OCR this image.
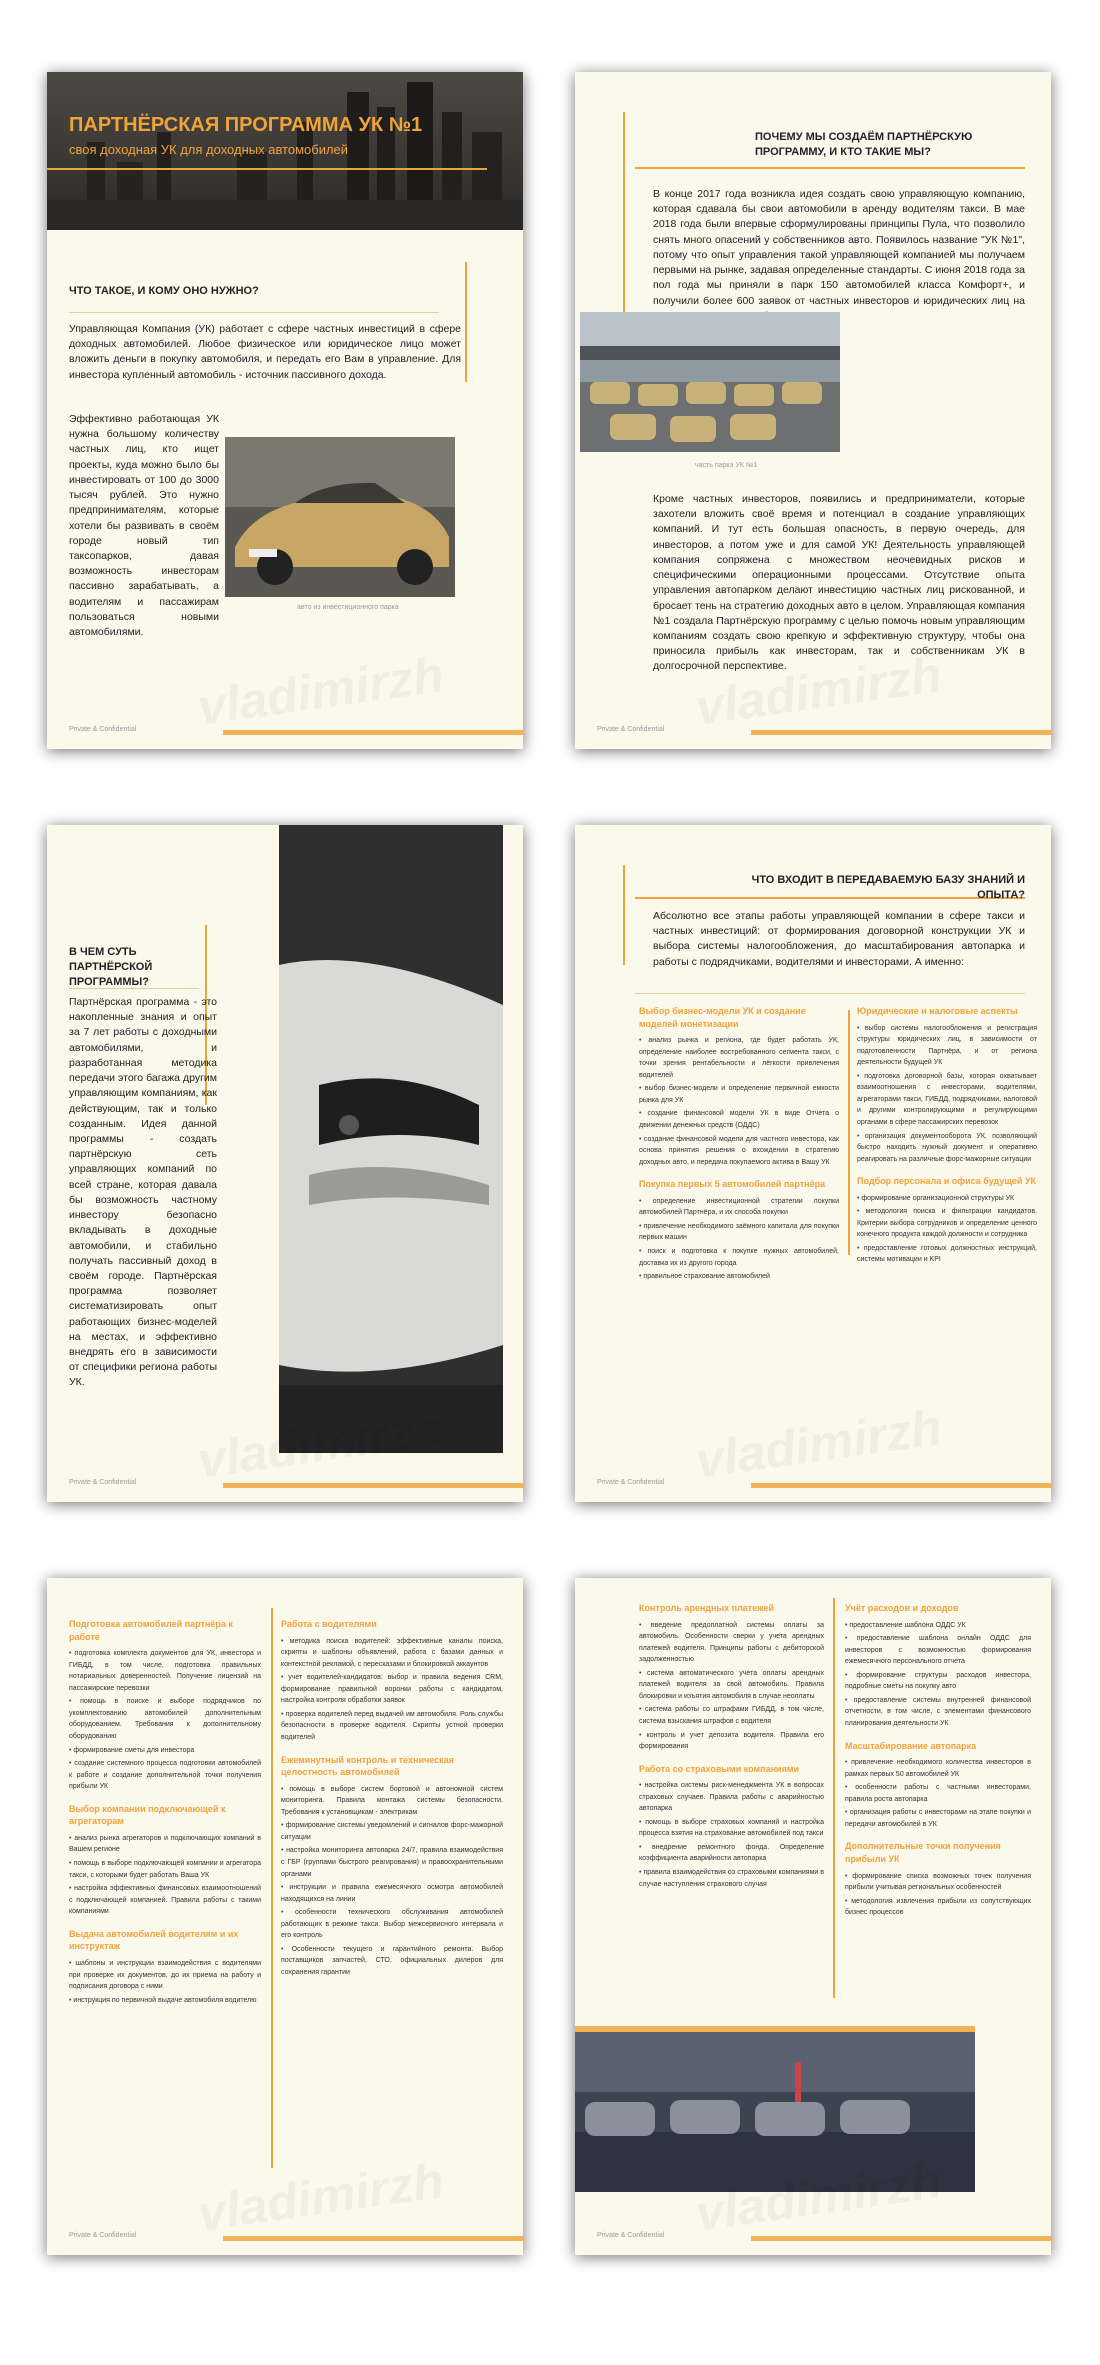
ПАРТНЁРСКАЯ ПРОГРАММА УК №1
своя доходная УК для доходных автомобилей
ЧТО ТАКОЕ, И КОМУ ОНО НУЖНО?
Управляющая Компания (УК) работает с сфере частных инвестиций в сфере доходных автомобилей. Любое физическое или юридическое лицо может вложить деньги в покупку автомобиля, и передать его Вам в управление. Для инвестора купленный автомобиль - источник пассивного дохода.
Эффективно работающая УК нужна большому количеству частных лиц, кто ищет проекты, куда можно было бы инвестировать от 100 до 3000 тысяч рублей. Это нужно предпринимателям, которые хотели бы развивать в своём городе новый тип таксопарков, давая возможность инвесторам пассивно зарабатывать, а водителям и пассажирам пользоваться новыми автомобилями.
авто из инвестиционного парка
Private & Confidential
ПОЧЕМУ МЫ СОЗДАЁМ ПАРТНЁРСКУЮ ПРОГРАММУ, И КТО ТАКИЕ МЫ?
В конце 2017 года возникла идея создать свою управляющую компанию, которая сдавала бы свои автомобили в аренду водителям такси. В мае 2018 года были впервые сформулированы принципы Пула, что позволило снять много опасений у собственников авто. Появилось название "УК №1", потому что опыт управления такой управляющей компанией мы получаем первыми на рынке, задавая определенные стандарты. С июня 2018 года за пол года мы приняли в парк 150 автомобилей класса Комфорт+, и получили более 600 заявок от частных инвесторов и юридических лиц на
часть парка УК №1
Кроме частных инвесторов, появились и предприниматели, которые захотели вложить своё время и потенциал в создание управляющих компаний. И тут есть большая опасность, в первую очередь, для инвесторов, а потом уже и для самой УК! Деятельность управляющей компания сопряжена с множеством неочевидных рисков и специфическими операционными процессами. Отсутствие опыта управления автопарком делают инвестицию частных лиц рискованной, и бросает тень на стратегию доходных авто в целом. Управляющая компания №1 создала Партнёрскую программу с целью помочь новым управляющим компаниям создать свою крепкую и эффективную структуру, чтобы она приносила прибыль как инвесторам, так и собственникам УК в долгосрочной перспективе.
Private & Confidential
В ЧЕМ СУТЬ ПАРТНЁРСКОЙ ПРОГРАММЫ?
Партнёрская программа - это накопленные знания и опыт за 7 лет работы с доходными автомобилями, и разработанная методика передачи этого багажа другим управляющим компаниям, как действующим, так и только созданным. Идея данной программы - создать партнёрскую сеть управляющих компаний по всей стране, которая давала бы возможность частному инвестору безопасно вкладывать в доходные автомобили, и стабильно получать пассивный доход в своём городе. Партнёрская программа позволяет систематизировать опыт работающих бизнес-моделей на местах, и эффективно внедрять его в зависимости от специфики региона работы УК.
Private & Confidential
ЧТО ВХОДИТ В ПЕРЕДАВАЕМУЮ БАЗУ ЗНАНИЙ И ОПЫТА?
Абсолютно все этапы работы управляющей компании в сфере такси и частных инвестиций: от формирования договорной конструкции УК и выбора системы налогообложения, до масштабирования автопарка и работы с подрядчиками, водителями и инвесторами. А именно:
Выбор бизнес-модели УК и создание моделей монетизации
• анализ рынка и региона, где будет работать УК, определение наиболее востребованного сегмента такси, с точки зрения рентабельности и лёгкости привлечения водителей
• выбор бизнес-модели и определение первичной емкости рынка для УК
• создание финансовой модели УК в виде Отчета о движении денежных средств (ОДДС)
• создание финансовой модели для частного инвестора, как основа принятия решения о вхождении в стратегию доходных авто, и передача покупаемого актива в Вашу УК
Покупка первых 5 автомобилей партнёра
• определение инвестиционной стратегии покупки автомобилей Партнёра, и их способа покупки
• привлечение необходимого заёмного капитала для покупки первых машин
• поиск и подготовка к покупке нужных автомобилей, доставка их из другого города
• правильное страхование автомобилей
Юридические и налоговые аспекты
• выбор системы налогообложения и регистрация структуры юридических лиц, в зависимости от подготовленности Партнёра, и от региона деятельности будущей УК
• подготовка договорной базы, которая охватывает взаимоотношения с инвесторами, водителями, агрегаторами такси, ГИБДД, подрядчиками, налоговой и другими контролирующими и регулирующими органами в сфере пассажирских перевозок
• организация документооборота УК, позволяющий быстро находить нужный документ и оперативно реагировать на различные форс-мажорные ситуации
Подбор персонала и офиса будущей УК
• формирование организационной структуры УК
• методология поиска и фильтрации кандидатов. Критерии выбора сотрудников и определение ценного конечного продукта каждой должности и сотрудника
• предоставление готовых должностных инструкций, системы мотивации и KPI
Private & Confidential
Подготовка автомобилей партнёра к работе
• подготовка комплекта документов для УК, инвестора и ГИБДД, в том числе, подготовка правильных нотариальных доверенностей. Получение лицензий на пассажирские перевозки
• помощь в поиске и выборе подрядчиков по укомплектованию автомобилей дополнительным оборудованием. Требования к дополнительному оборудованию
• формирование сметы для инвестора
• создание системного процесса подготовки автомобилей к работе и создание дополнительной точки получения прибыли УК
Выбор компании подключающей к агрегаторам
• анализ рынка агрегаторов и подключающих компаний в Вашем регионе
• помощь в выборе подключающей компании и агрегатора такси, с которыми будет работать Ваша УК
• настройка эффективных финансовых взаимоотношений с подключающей компанией. Правила работы с такими компаниями
Выдача автомобилей водителям и их инструктаж
• шаблоны и инструкции взаимодействия с водителями при проверке их документов, до их приема на работу и подписания договора с ними
• инструкция по первичной выдаче автомобиля водителю
Работа с водителями
• методика поиска водителей: эффективные каналы поиска, скрипты и шаблоны объявлений, работа с базами данных и контекстной рекламой, с пересказами и блокировкой аккаунтов
• учет водителей-кандидатов: выбор и правила ведения CRM, формирование правильной воронки работы с кандидатом, настройка контроля обработки заявок
• проверка водителей перед выдачей им автомобиля. Роль службы безопасности в проверке водителя. Скрипты устной проверки водителей
Ежеминутный контроль и техническая целостность автомобилей
• помощь в выборе систем бортовой и автономной систем мониторинга. Правила монтажа системы безопасности. Требования к установщикам - электрикам
• формирование системы уведомлений и сигналов форс-мажорной ситуации
• настройка мониторинга автопарка 24/7, правила взаимодействия с ГБР (группами быстрого реагирования) и правоохранительными органами
• инструкции и правила ежемесячного осмотра автомобилей находящихся на линии
• особенности технического обслуживания автомобилей работающих в режиме такси. Выбор межсервисного интервала и его контроль
• Особенности текущего и гарантийного ремонта. Выбор поставщиков запчастей, СТО, официальных дилеров для сохранения гарантии
Private & Confidential
Контроль арендных платежей
• введение предоплатной системы оплаты за автомобиль. Особенности сверки у учета арендных платежей водителя. Принципы работы с дебиторской задолженностью
• система автоматического учета оплаты арендных платежей водителя за свой автомобиль. Правила блокировки и изъятия автомобиля в случае неоплаты
• система работы со штрафами ГИБДД, в том числе, система взыскания штрафов с водителя
• контроль и учет депозита водителя. Правила его формирования
Работа со страховыми компаниями
• настройка системы риск-менеджмента УК в вопросах страховых случаев. Правила работы с аварийностью автопарка
• помощь в выборе страховых компаний и настройка процесса взятия на страхование автомобилей под такси
• внедрение ремонтного фонда. Определение коэффициента аварийности автопарка
• правила взаимодействия со страховыми компаниями в случае наступления страхового случая
Учёт расходов и доходов
• предоставление шаблона ОДДС УК
• предоставление шаблона онлайн ОДДС для инвесторов с возможностью формирования ежемесячного персонального отчета
• формирование структуры расходов инвестора, подробные сметы на покупку авто
• предоставление системы внутренней финансовой отчетности, в том числе, с элементами финансового планирования деятельности УК
Масштабирование автопарка
• привлечение необходимого количества инвесторов в рамках первых 50 автомобилей УК
• особенности работы с частными инвесторами, правила роста автопарка
• организация работы с инвесторами на этапе покупки и передачи автомобилей в УК
Дополнительные точки получения прибыли УК
• формирование списка возможных точек получения прибыли учитывая региональных особенностей
• методология извлечения прибыли из сопутствующих бизнес процессов
Private & Confidential
